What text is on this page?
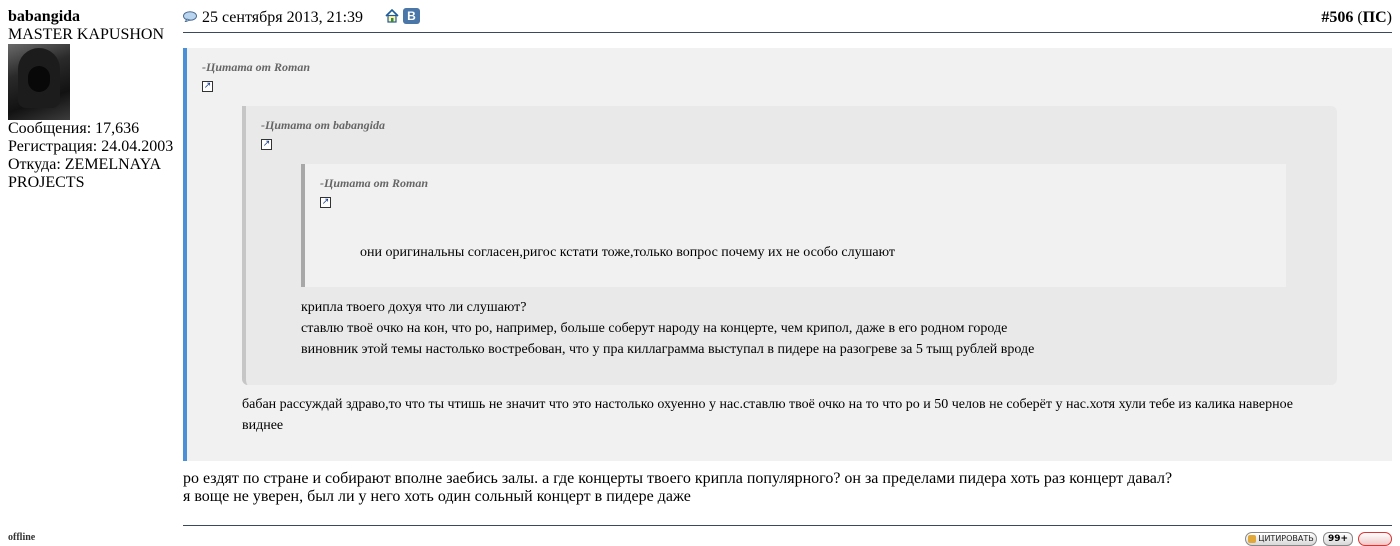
babangida
MASTER KAPUSHON
Сообщения: 17,636
Регистрация: 24.04.2003
Откуда: ZEMELNAYA
PROJECTS
offline
25 сентября 2013, 21:39	B	#506 (ПС)
-Цитата от Roman
↗
бабан рассуждай здраво,то что ты чтишь не значит что это настолько охуенно у нас.ставлю твоё очко на то что ро и 50 челов не соберёт у нас.хотя хули тебе из калика наверное
виднее
-Цитата от babangida
↗
крипла твоего дохуя что ли слушают?
ставлю твоё очко на кон, что ро, например, больше соберут народу на концерте, чем крипол, даже в его родном городе
виновник этой темы настолько востребован, что у пра киллаграмма выступал в пидере на разогреве за 5 тыщ рублей вроде
-Цитата от Roman
↗
они оригинальны согласен,ригос кстати тоже,только вопрос почему их не особо слушают
ро ездят по стране и собирают вполне заебись залы. а где концерты твоего крипла популярного? он за пределами пидера хоть раз концерт давал?
я воще не уверен, был ли у него хоть один сольный концерт в пидере даже
ЦИТИРОВАТЬ	99+
